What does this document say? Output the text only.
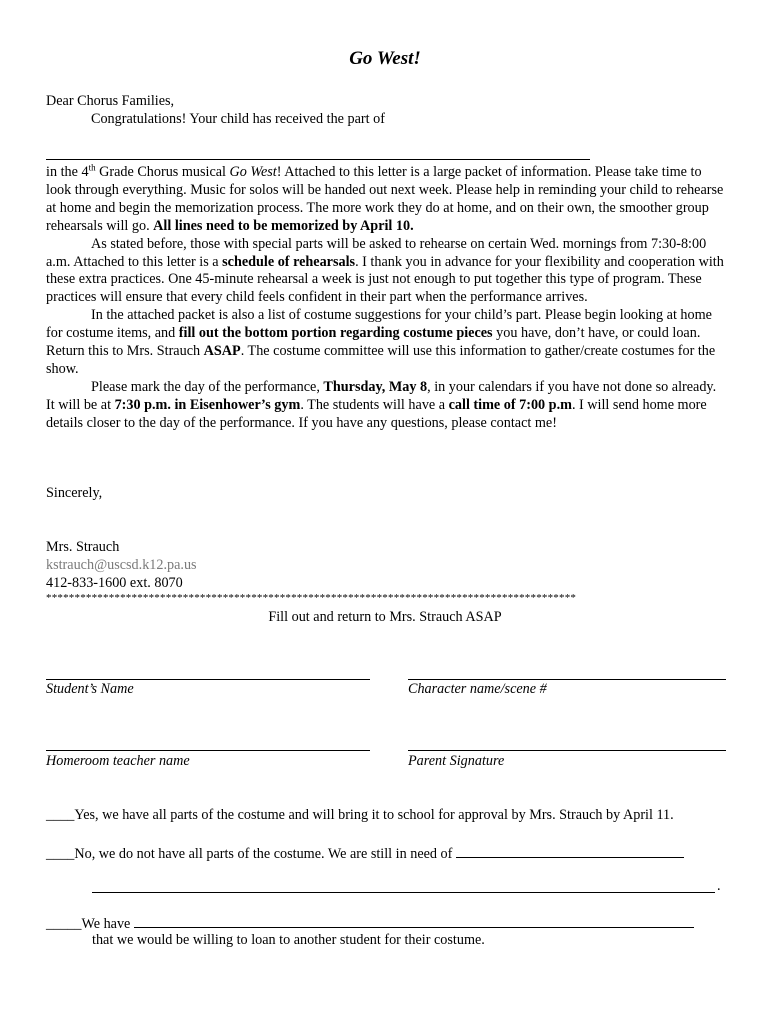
Go West!

Dear Chorus Families,

Congratulations! Your child has received the part of

in the 4th Grade Chorus musical Go West! Attached to this letter is a large packet of information. Please take time to look through everything. Music for solos will be handed out next week. Please help in reminding your child to rehearse at home and begin the memorization process. The more work they do at home, and on their own, the smoother group rehearsals will go. All lines need to be memorized by April 10.

As stated before, those with special parts will be asked to rehearse on certain Wed. mornings from 7:30-8:00 a.m. Attached to this letter is a schedule of rehearsals. I thank you in advance for your flexibility and cooperation with these extra practices. One 45-minute rehearsal a week is just not enough to put together this type of program. These practices will ensure that every child feels confident in their part when the performance arrives.

In the attached packet is also a list of costume suggestions for your child’s part. Please begin looking at home for costume items, and fill out the bottom portion regarding costume pieces you have, don’t have, or could loan. Return this to Mrs. Strauch ASAP. The costume committee will use this information to gather/create costumes for the show.

Please mark the day of the performance, Thursday, May 8, in your calendars if you have not done so already. It will be at 7:30 p.m. in Eisenhower’s gym. The students will have a call time of 7:00 p.m. I will send home more details closer to the day of the performance. If you have any questions, please contact me!

Sincerely,

Mrs. Strauch

kstrauch@uscsd.k12.pa.us

412-833-1600 ext. 8070

*********************************************************************************************
Fill out and return to Mrs. Strauch ASAP
Student’s Name	Character name/scene #
Homeroom teacher name	Parent Signature
____Yes, we have all parts of the costume and will bring it to school for approval by Mrs. Strauch by April 11.
____No, we do not have all parts of the costume. We are still in need of
.
_____We have
that we would be willing to loan to another student for their costume.
